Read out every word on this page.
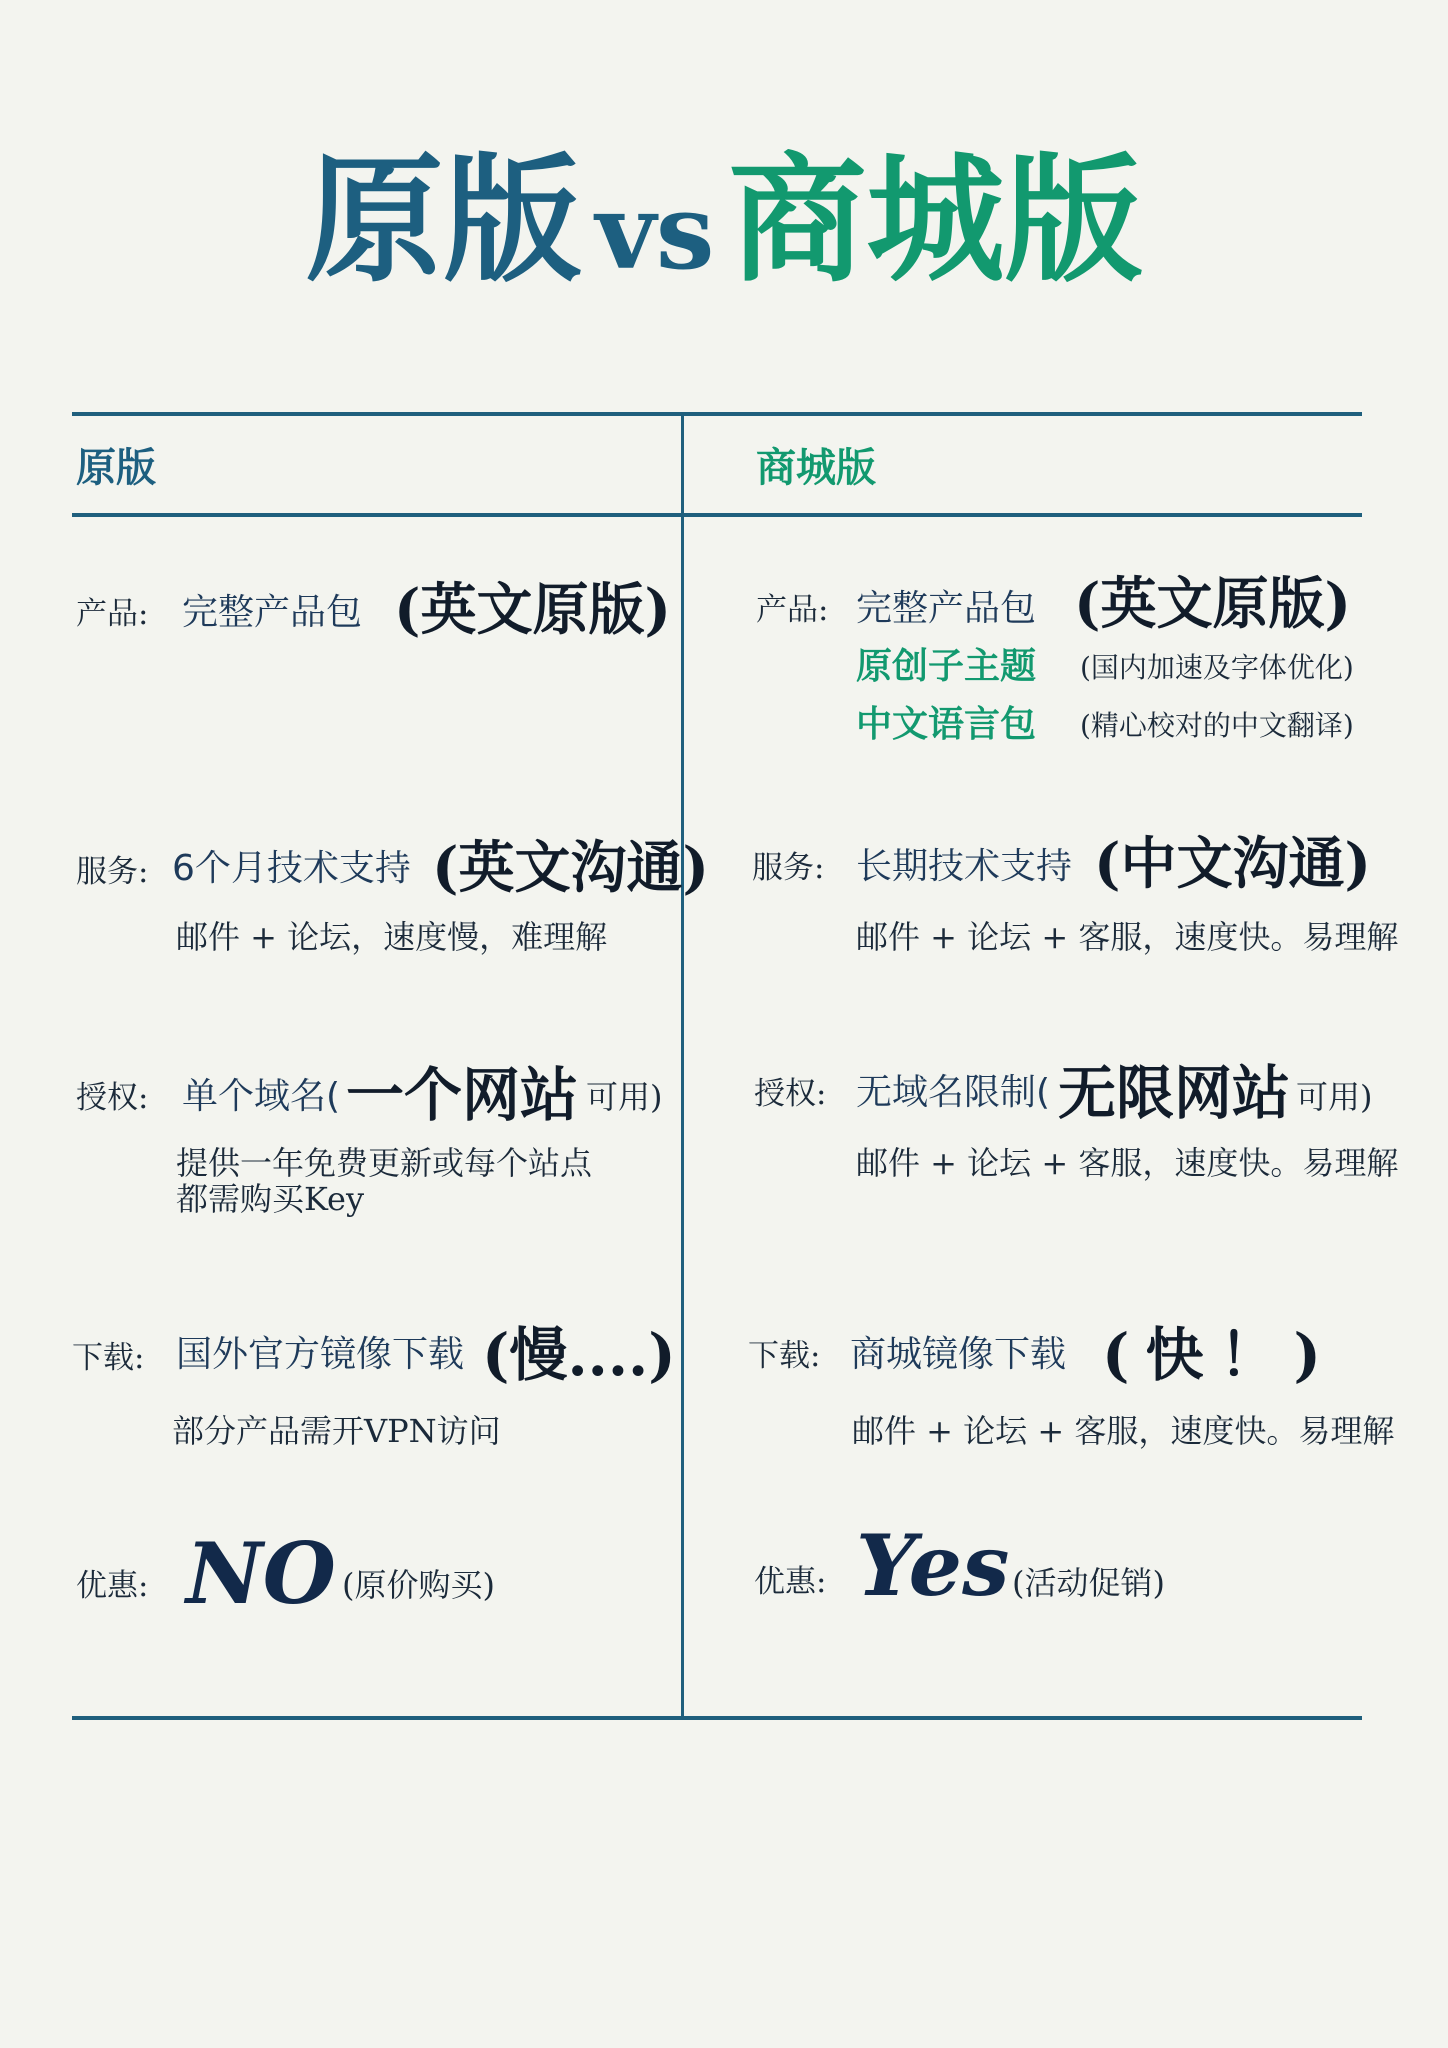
原版 vs 商城版
原版	商城版
产品: 完整产品包 (英文原版)
服务: 6个月技术支持 (英文沟通)
邮件 + 论坛，速度慢，难理解
授权: 单个域名( 一个网站 可用)
提供一年免费更新或每个站点
都需购买Key
下载: 国外官方镜像下载 (慢....)
部分产品需开VPN访问
优惠: NO (原价购买)
产品: 完整产品包 (英文原版)
原创子主题 (国内加速及字体优化)
中文语言包 (精心校对的中文翻译)
服务: 长期技术支持 (中文沟通)
邮件 + 论坛 + 客服，速度快。易理解
授权: 无域名限制( 无限网站 可用)
邮件 + 论坛 + 客服，速度快。易理解
下载: 商城镜像下载 (快！)
邮件 + 论坛 + 客服，速度快。易理解
优惠: Yes (活动促销)
